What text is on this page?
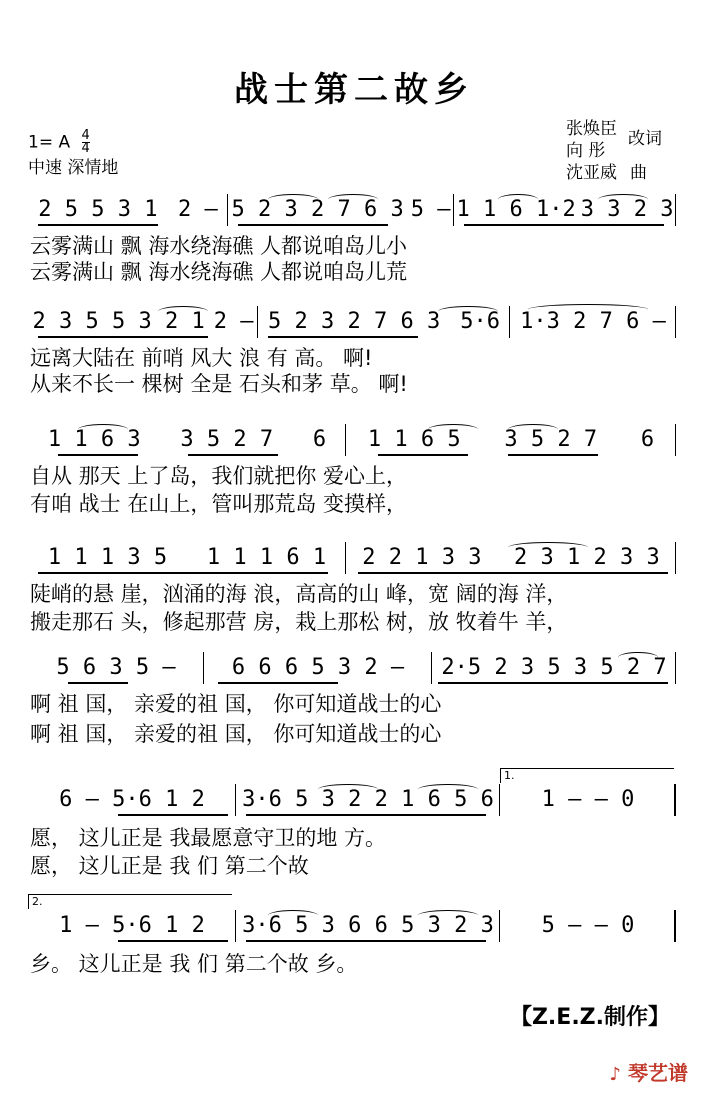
战士第二故乡
1= A $\frac{4}{4}$
中速 深情地
张焕臣
向 彤
改词
沈亚威 曲
2 5 5 3 1 2 – 5 2 3 2 7 6 3 5 – 1 1 6 1·2 3 3 2 3
云雾满山 飘 海水绕海礁 人都说咱岛儿小
云雾满山 飘 海水绕海礁 人都说咱岛儿荒
2 3 5 5 3 2 1 2 – 5 2 3 2 7 6 3 5·6 1·3 2 7 6 –
远离大陆在 前哨 风大 浪 有 高。 啊!
从来不长一 棵树 全是 石头和茅 草。 啊!
1 1 6 3 3 5 2 7 6 1 1 6 5 3 5 2 7 6
自从 那天 上了岛，我们就把你 爱心上，
有咱 战士 在山上，管叫那荒岛 变摸样，
1 1 1 3 5 1 1 1 6 1 2 2 1 3 3 2 3 1 2 3 3
陡峭的悬 崖，汹涌的海 浪，高高的山 峰，宽 阔的海 洋，
搬走那石 头，修起那营 房，栽上那松 树，放 牧着牛 羊，
5 6 3 5 –	6 6 6 5 3 2 – 2·5 2 3 5 3 5 2 7
啊 祖 国， 亲爱的祖 国， 你可知道战士的心
啊 祖 国， 亲爱的祖 国， 你可知道战士的心
6 – 5·6 1 2 3·6 5 3 2 2 1 6 5 6 1 – – 0
1.
愿， 这儿正是 我最愿意守卫的地 方。
愿， 这儿正是 我 们 第二个故
1 – 5·6 1 2 3·6 5 3 6 6 5 3 2 3 5 – – 0
2.
乡。 这儿正是 我 们 第二个故 乡。
【Z.E.Z.制作】
♪ 琴艺谱
